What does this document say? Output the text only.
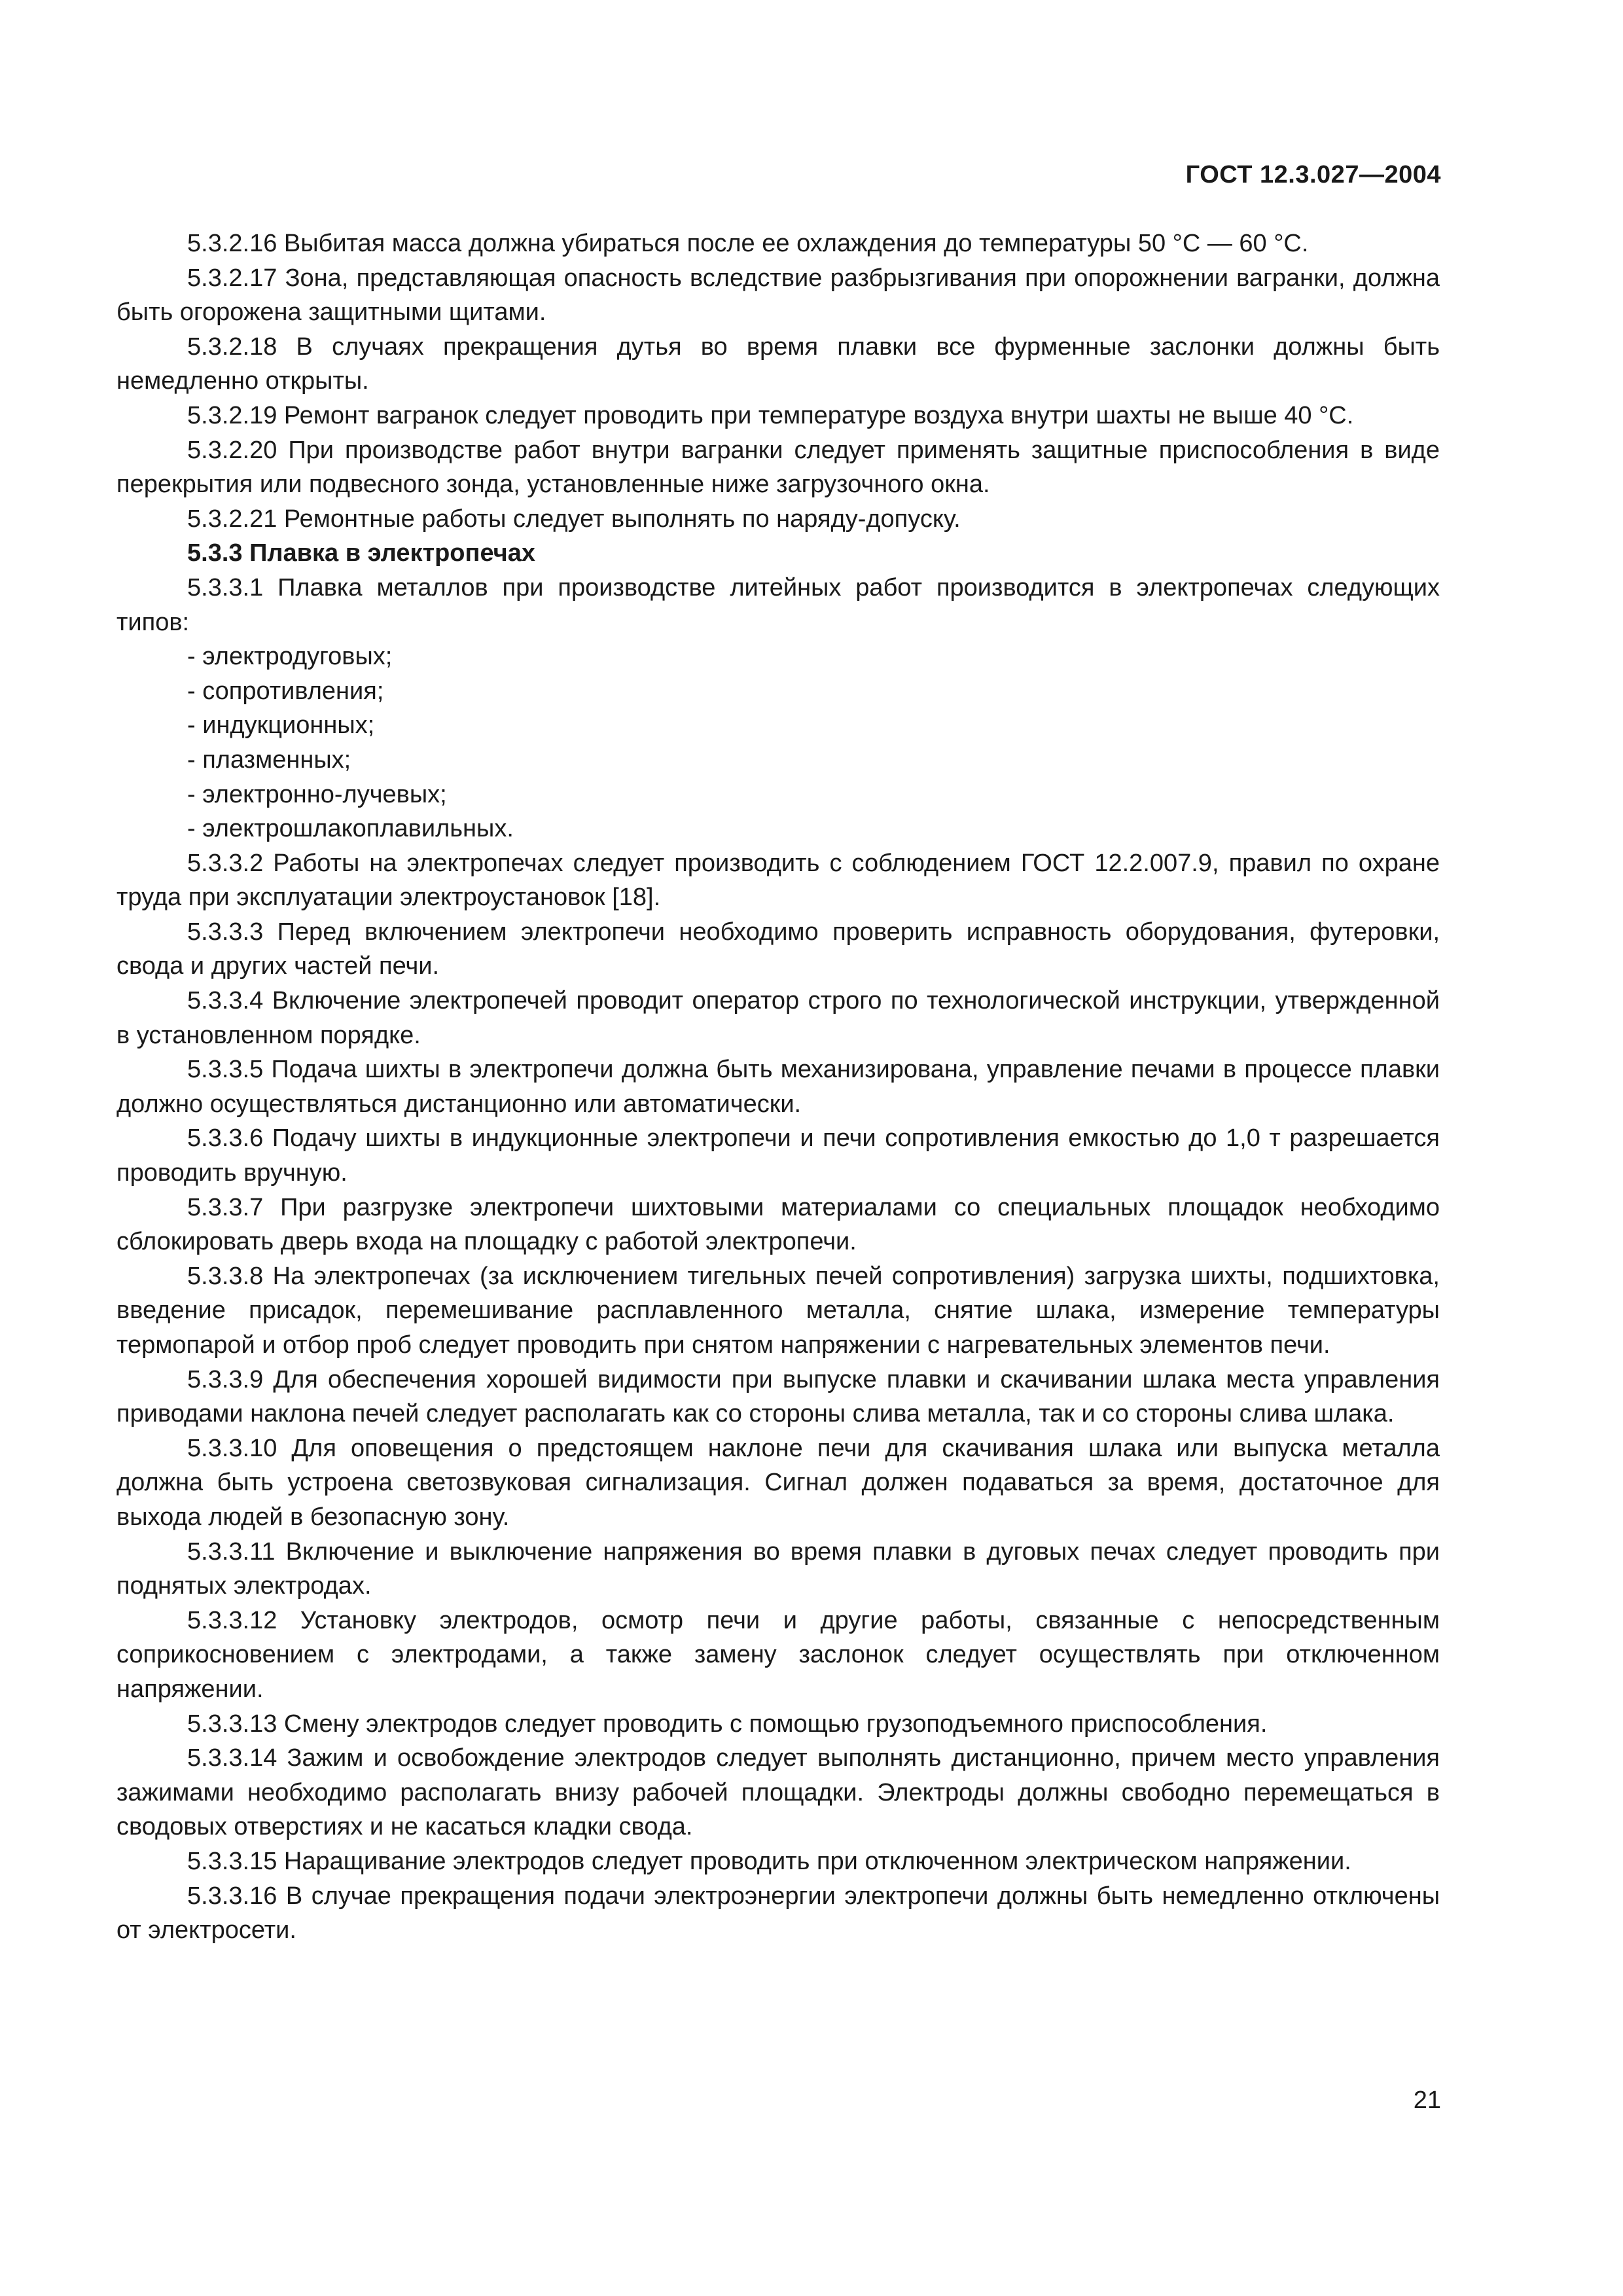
ГОСТ 12.3.027—2004

5.3.2.16 Выбитая масса должна убираться после ее охлаждения до температуры 50 °С — 60 °С.

5.3.2.17 Зона, представляющая опасность вследствие разбрызгивания при опорожнении вагранки, должна быть огорожена защитными щитами.

5.3.2.18 В случаях прекращения дутья во время плавки все фурменные заслонки должны быть немедленно открыты.

5.3.2.19 Ремонт вагранок следует проводить при температуре воздуха внутри шахты не выше 40 °С.

5.3.2.20 При производстве работ внутри вагранки следует применять защитные приспособления в виде перекрытия или подвесного зонда, установленные ниже загрузочного окна.

5.3.2.21 Ремонтные работы следует выполнять по наряду-допуску.

5.3.3 Плавка в электропечах

5.3.3.1 Плавка металлов при производстве литейных работ производится в электропечах следующих типов:

- электродуговых;
- сопротивления;
- индукционных;
- плазменных;
- электронно-лучевых;
- электрошлакоплавильных.

5.3.3.2 Работы на электропечах следует производить с соблюдением ГОСТ 12.2.007.9, правил по охране труда при эксплуатации электроустановок [18].

5.3.3.3 Перед включением электропечи необходимо проверить исправность оборудования, футеровки, свода и других частей печи.

5.3.3.4 Включение электропечей проводит оператор строго по технологической инструкции, утвержденной в установленном порядке.

5.3.3.5 Подача шихты в электропечи должна быть механизирована, управление печами в процессе плавки должно осуществляться дистанционно или автоматически.

5.3.3.6 Подачу шихты в индукционные электропечи и печи сопротивления емкостью до 1,0 т разрешается проводить вручную.

5.3.3.7 При разгрузке электропечи шихтовыми материалами со специальных площадок необходимо сблокировать дверь входа на площадку с работой электропечи.

5.3.3.8 На электропечах (за исключением тигельных печей сопротивления) загрузка шихты, подшихтовка, введение присадок, перемешивание расплавленного металла, снятие шлака, измерение температуры термопарой и отбор проб следует проводить при снятом напряжении с нагревательных элементов печи.

5.3.3.9 Для обеспечения хорошей видимости при выпуске плавки и скачивании шлака места управления приводами наклона печей следует располагать как со стороны слива металла, так и со стороны слива шлака.

5.3.3.10 Для оповещения о предстоящем наклоне печи для скачивания шлака или выпуска металла должна быть устроена светозвуковая сигнализация. Сигнал должен подаваться за время, достаточное для выхода людей в безопасную зону.

5.3.3.11 Включение и выключение напряжения во время плавки в дуговых печах следует проводить при поднятых электродах.

5.3.3.12 Установку электродов, осмотр печи и другие работы, связанные с непосредственным соприкосновением с электродами, а также замену заслонок следует осуществлять при отключенном напряжении.

5.3.3.13 Смену электродов следует проводить с помощью грузоподъемного приспособления.

5.3.3.14 Зажим и освобождение электродов следует выполнять дистанционно, причем место управления зажимами необходимо располагать внизу рабочей площадки. Электроды должны свободно перемещаться в сводовых отверстиях и не касаться кладки свода.

5.3.3.15 Наращивание электродов следует проводить при отключенном электрическом напряжении.

5.3.3.16 В случае прекращения подачи электроэнергии электропечи должны быть немедленно отключены от электросети.

21
